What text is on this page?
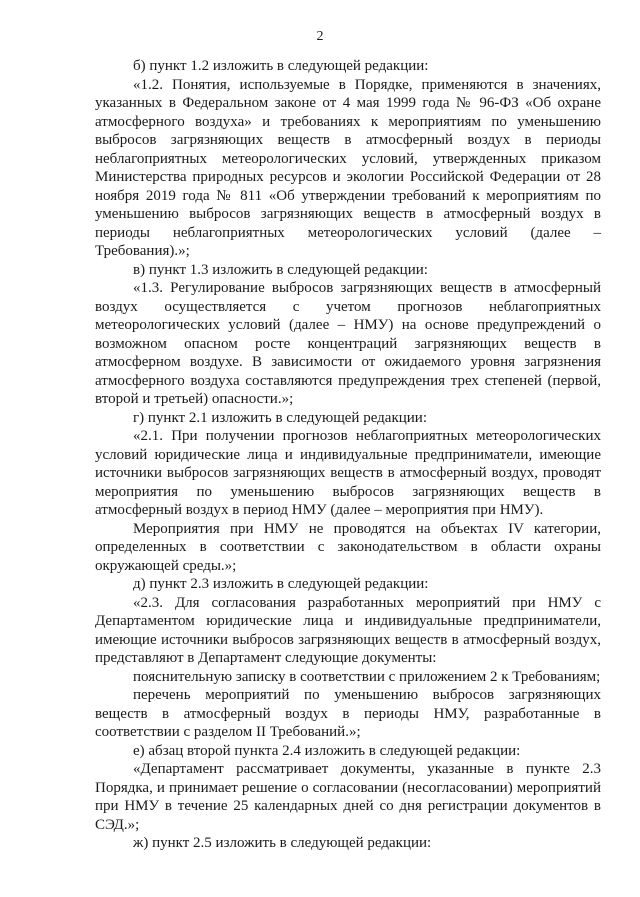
2

б) пункт 1.2 изложить в следующей редакции:

«1.2. Понятия, используемые в Порядке, применяются в значениях, указанных в Федеральном законе от 4 мая 1999 года № 96-ФЗ «Об охране атмосферного воздуха» и требованиях к мероприятиям по уменьшению выбросов загрязняющих веществ в атмосферный воздух в периоды неблагоприятных метеорологических условий, утвержденных приказом Министерства природных ресурсов и экологии Российской Федерации от 28 ноября 2019 года № 811 «Об утверждении требований к мероприятиям по уменьшению выбросов загрязняющих веществ в атмосферный воздух в периоды неблагоприятных метеорологических условий (далее – Требования).»;

в) пункт 1.3 изложить в следующей редакции:

«1.3. Регулирование выбросов загрязняющих веществ в атмосферный воздух осуществляется с учетом прогнозов неблагоприятных метеорологических условий (далее – НМУ) на основе предупреждений о возможном опасном росте концентраций загрязняющих веществ в атмосферном воздухе. В зависимости от ожидаемого уровня загрязнения атмосферного воздуха составляются предупреждения трех степеней (первой, второй и третьей) опасности.»;

г) пункт 2.1 изложить в следующей редакции:

«2.1. При получении прогнозов неблагоприятных метеорологических условий юридические лица и индивидуальные предприниматели, имеющие источники выбросов загрязняющих веществ в атмосферный воздух, проводят мероприятия по уменьшению выбросов загрязняющих веществ в атмосферный воздух в период НМУ (далее – мероприятия при НМУ).

Мероприятия при НМУ не проводятся на объектах IV категории, определенных в соответствии с законодательством в области охраны окружающей среды.»;

д) пункт 2.3 изложить в следующей редакции:

«2.3. Для согласования разработанных мероприятий при НМУ с Департаментом юридические лица и индивидуальные предприниматели, имеющие источники выбросов загрязняющих веществ в атмосферный воздух, представляют в Департамент следующие документы:

пояснительную записку в соответствии с приложением 2 к Требованиям;

перечень мероприятий по уменьшению выбросов загрязняющих веществ в атмосферный воздух в периоды НМУ, разработанные в соответствии с разделом II Требований.»;

е) абзац второй пункта 2.4 изложить в следующей редакции:

«Департамент рассматривает документы, указанные в пункте 2.3 Порядка, и принимает решение о согласовании (несогласовании) мероприятий при НМУ в течение 25 календарных дней со дня регистрации документов в СЭД.»;

ж) пункт 2.5 изложить в следующей редакции:
